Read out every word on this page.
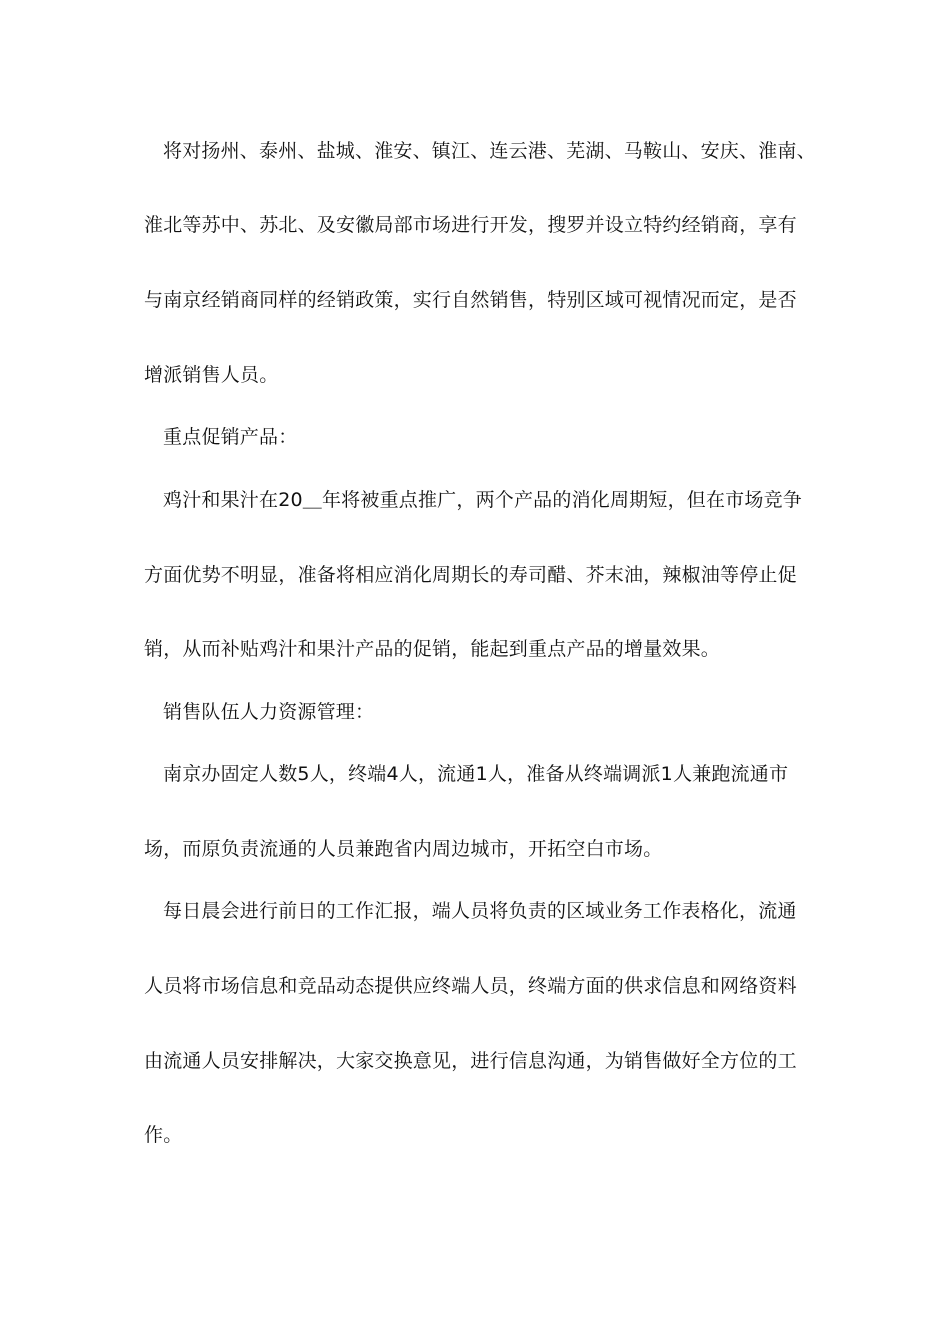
将对扬州、泰州、盐城、淮安、镇江、连云港、芜湖、马鞍山、安庆、淮南、
淮北等苏中、苏北、及安徽局部市场进行开发，搜罗并设立特约经销商，享有
与南京经销商同样的经销政策，实行自然销售，特别区域可视情况而定，是否
增派销售人员。
重点促销产品：
鸡汁和果汁在20＿年将被重点推广，两个产品的消化周期短，但在市场竞争
方面优势不明显，准备将相应消化周期长的寿司醋、芥末油，辣椒油等停止促
销，从而补贴鸡汁和果汁产品的促销，能起到重点产品的增量效果。
销售队伍人力资源管理：
南京办固定人数5人，终端4人，流通1人，准备从终端调派1人兼跑流通市
场，而原负责流通的人员兼跑省内周边城市，开拓空白市场。
每日晨会进行前日的工作汇报，端人员将负责的区域业务工作表格化，流通
人员将市场信息和竞品动态提供应终端人员，终端方面的供求信息和网络资料
由流通人员安排解决，大家交换意见，进行信息沟通，为销售做好全方位的工
作。
